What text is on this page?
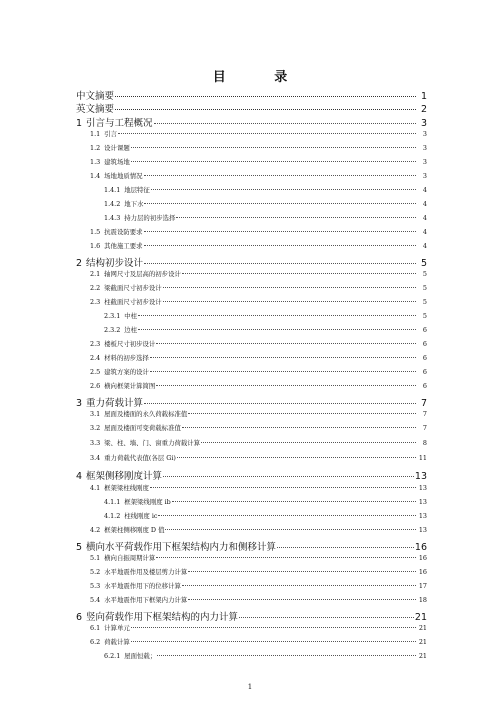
目 录
中文摘要	1
英文摘要	2
1 引言与工程概况	3
1.1 引言	3
1.2 设计课题	3
1.3 建筑场地	3
1.4 场地地质情况	3
1.4.1 地层特征	4
1.4.2 地下水	4
1.4.3 持力层的初步选择	4
1.5 抗震设防要求	4
1.6 其他施工要求	4
2 结构初步设计	5
2.1 轴网尺寸及层高的初步设计	5
2.2 梁截面尺寸初步设计	5
2.3 柱截面尺寸初步设计	5
2.3.1 中柱	5
2.3.2 边柱	6
2.3 楼板尺寸初步设计	6
2.4 材料的初步选择	6
2.5 建筑方案的设计	6
2.6 横向框架计算简图	6
3 重力荷载计算	7
3.1 屋面及楼面的永久荷载标准值	7
3.2 屋面及楼面可变荷载标准值	7
3.3 梁、柱、墙、门、窗重力荷载计算	8
3.4 重力荷载代表值(各层 Gi)	11
4 框架侧移刚度计算	13
4.1 框架梁柱线刚度	13
4.1.1 框架梁线刚度 ib	13
4.1.2 柱线刚度 ic	13
4.2 框架柱侧移刚度 D 值	13
5 横向水平荷载作用下框架结构内力和侧移计算	16
5.1 横向自振周期计算	16
5.2 水平地震作用及楼层剪力计算	16
5.3 水平地震作用下的位移计算	17
5.4 水平地震作用下框架内力计算	18
6 竖向荷载作用下框架结构的内力计算	21
6.1 计算单元	21
6.2 荷载计算	21
6.2.1 屋面恒载；	21
1
